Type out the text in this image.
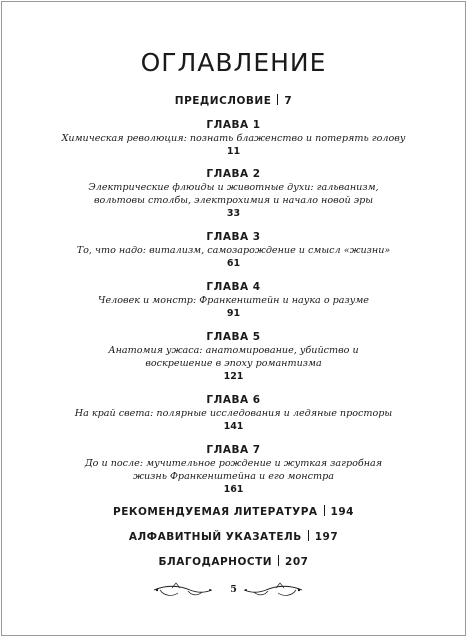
ОГЛАВЛЕНИЕ
ПРЕДИСЛОВИЕ 7
ГЛАВА 1
Химическая революция: познать блаженство и потерять голову
11
ГЛАВА 2
Электрические флюиды и животные духи: гальванизм, вольтовы столбы, электрохимия и начало новой эры
33
ГЛАВА 3
То, что надо: витализм, самозарождение и смысл «жизни»
61
ГЛАВА 4
Человек и монстр: Франкенштейн и наука о разуме
91
ГЛАВА 5
Анатомия ужаса: анатомирование, убийство и воскрешение в эпоху романтизма
121
ГЛАВА 6
На край света: полярные исследования и ледяные просторы
141
ГЛАВА 7
До и после: мучительное рождение и жуткая загробная жизнь Франкенштейна и его монстра
161
РЕКОМЕНДУЕМАЯ ЛИТЕРАТУРА 194
АЛФАВИТНЫЙ УКАЗАТЕЛЬ 197
БЛАГОДАРНОСТИ 207
5
